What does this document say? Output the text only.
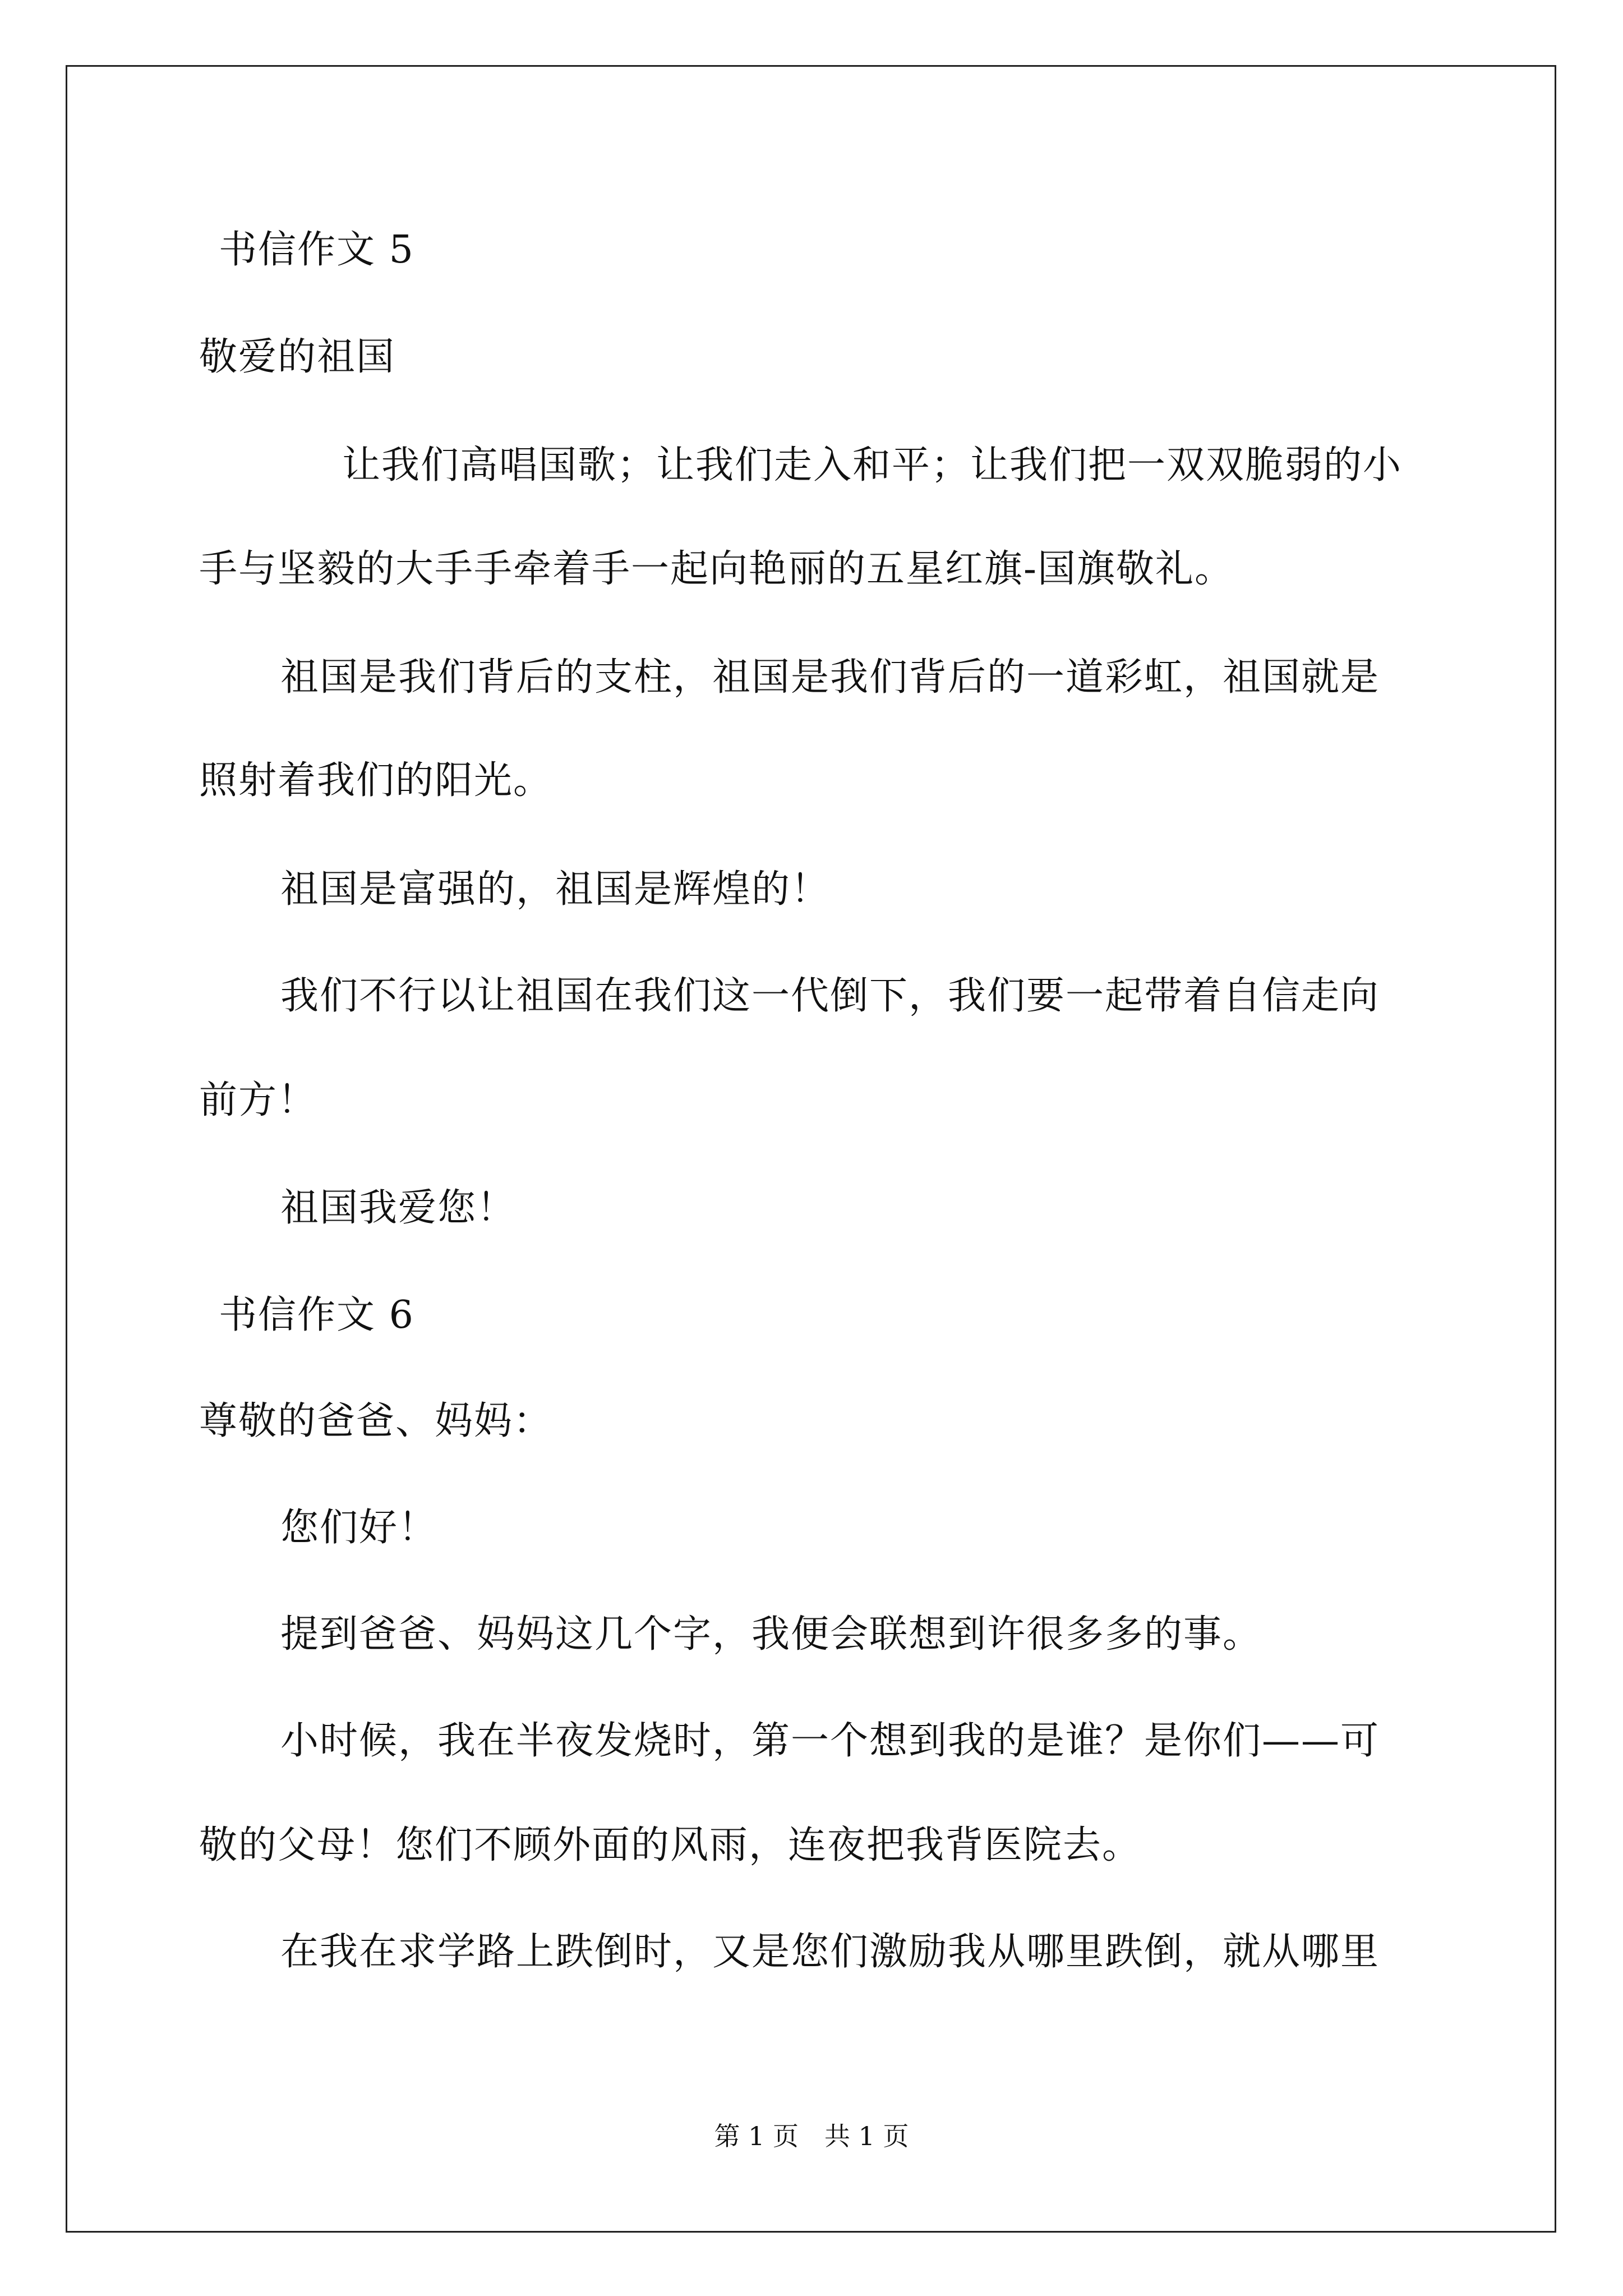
书信作文 5
敬爱的祖国
让我们高唱国歌；让我们走入和平；让我们把一双双脆弱的小
手与坚毅的大手手牵着手一起向艳丽的五星红旗-国旗敬礼。
祖国是我们背后的支柱，祖国是我们背后的一道彩虹，祖国就是
照射着我们的阳光。
祖国是富强的，祖国是辉煌的！
我们不行以让祖国在我们这一代倒下，我们要一起带着自信走向
前方！
祖国我爱您！
书信作文 6
尊敬的爸爸、妈妈：
您们好！
提到爸爸、妈妈这几个字，我便会联想到许很多多的事。
小时候，我在半夜发烧时，第一个想到我的是谁？是你们——可
敬的父母！您们不顾外面的风雨，连夜把我背医院去。
在我在求学路上跌倒时，又是您们激励我从哪里跌倒，就从哪里
第 1 页 共 1 页
